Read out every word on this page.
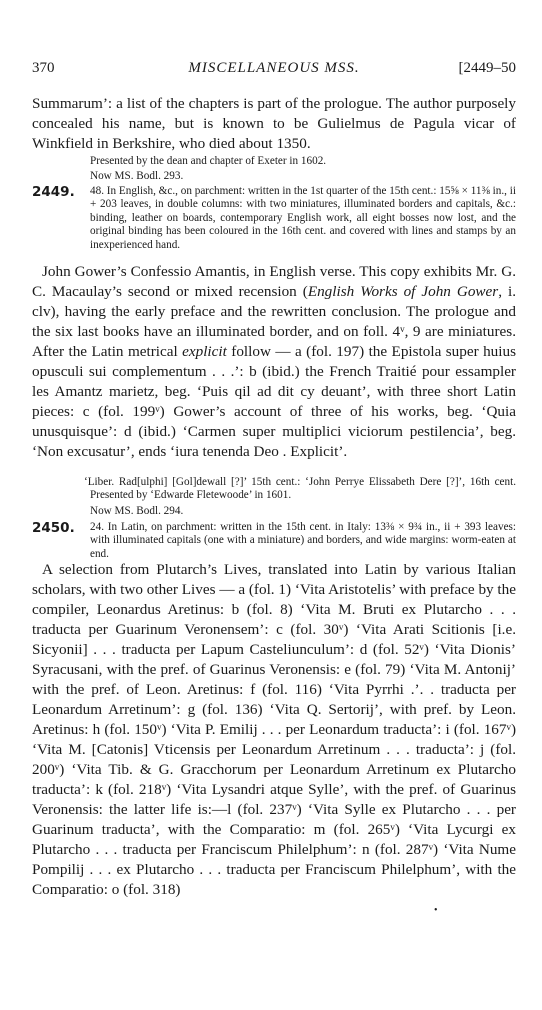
370	MISCELLANEOUS MSS.	[2449–50
Summarum’: a list of the chapters is part of the prologue. The author purposely concealed his name, but is known to be Gulielmus de Pagula vicar of Winkfield in Berkshire, who died about 1350.
Presented by the dean and chapter of Exeter in 1602.
Now MS. Bodl. 293.
2449. 48. In English, &c., on parchment: written in the 1st quarter of the 15th cent.: 15⅝ × 11⅜ in., ii + 203 leaves, in double columns: with two miniatures, illuminated borders and capitals, &c.: binding, leather on boards, contemporary English work, all eight bosses now lost, and the original binding has been coloured in the 16th cent. and covered with lines and stamps by an inexperienced hand.
John Gower’s Confessio Amantis, in English verse. This copy exhibits Mr. G. C. Macaulay’s second or mixed recension (English Works of John Gower, i. clv), having the early preface and the rewritten conclusion. The prologue and the six last books have an illuminated border, and on foll. 4ᵛ, 9 are miniatures. After the Latin metrical explicit follow — a (fol. 197) the Epistola super huius opusculi sui complementum . . .’: b (ibid.) the French Traitié pour essampler les Amantz marietz, beg. ‘Puis qil ad dit cy deuant’, with three short Latin pieces: c (fol. 199ᵛ) Gower’s account of three of his works, beg. ‘Quia unusquisque’: d (ibid.) ‘Carmen super multiplici viciorum pestilencia’, beg. ‘Non excusatur’, ends ‘iura tenenda Deo . Explicit’.
‘Liber. Rad[ulphi] [Gol]dewall [?]’ 15th cent.: ‘John Perrye Elissabeth Dere [?]’, 16th cent. Presented by ‘Edwarde Fletewoode’ in 1601.
Now MS. Bodl. 294.
2450. 24. In Latin, on parchment: written in the 15th cent. in Italy: 13⅜ × 9¾ in., ii + 393 leaves: with illuminated capitals (one with a miniature) and borders, and wide margins: worm-eaten at end.
A selection from Plutarch’s Lives, translated into Latin by various Italian scholars, with two other Lives — a (fol. 1) ‘Vita Aristotelis’ with preface by the compiler, Leonardus Aretinus: b (fol. 8) ‘Vita M. Bruti ex Plutarcho . . . traducta per Guarinum Veronensem’: c (fol. 30ᵛ) ‘Vita Arati Scitionis [i.e. Sicyonii] . . . traducta per Lapum Casteliunculum’: d (fol. 52ᵛ) ‘Vita Dionis’ Syracusani, with the pref. of Guarinus Veronensis: e (fol. 79) ‘Vita M. Antonij’ with the pref. of Leon. Aretinus: f (fol. 116) ‘Vita Pyrrhi .’. . traducta per Leonardum Arretinum’: g (fol. 136) ‘Vita Q. Sertorij’, with pref. by Leon. Aretinus: h (fol. 150ᵛ) ‘Vita P. Emilij . . . per Leonardum traducta’: i (fol. 167ᵛ) ‘Vita M. [Catonis] Vticensis per Leonardum Arretinum . . . traducta’: j (fol. 200ᵛ) ‘Vita Tib. & G. Gracchorum per Leonardum Arretinum ex Plutarcho traducta’: k (fol. 218ᵛ) ‘Vita Lysandri atque Sylle’, with the pref. of Guarinus Veronensis: the latter life is:—l (fol. 237ᵛ) ‘Vita Sylle ex Plutarcho . . . per Guarinum traducta’, with the Comparatio: m (fol. 265ᵛ) ‘Vita Lycurgi ex Plutarcho . . . traducta per Franciscum Philelphum’: n (fol. 287ᵛ) ‘Vita Nume Pompilij . . . ex Plutarcho . . . traducta per Franciscum Philelphum’, with the Comparatio: o (fol. 318)
•
